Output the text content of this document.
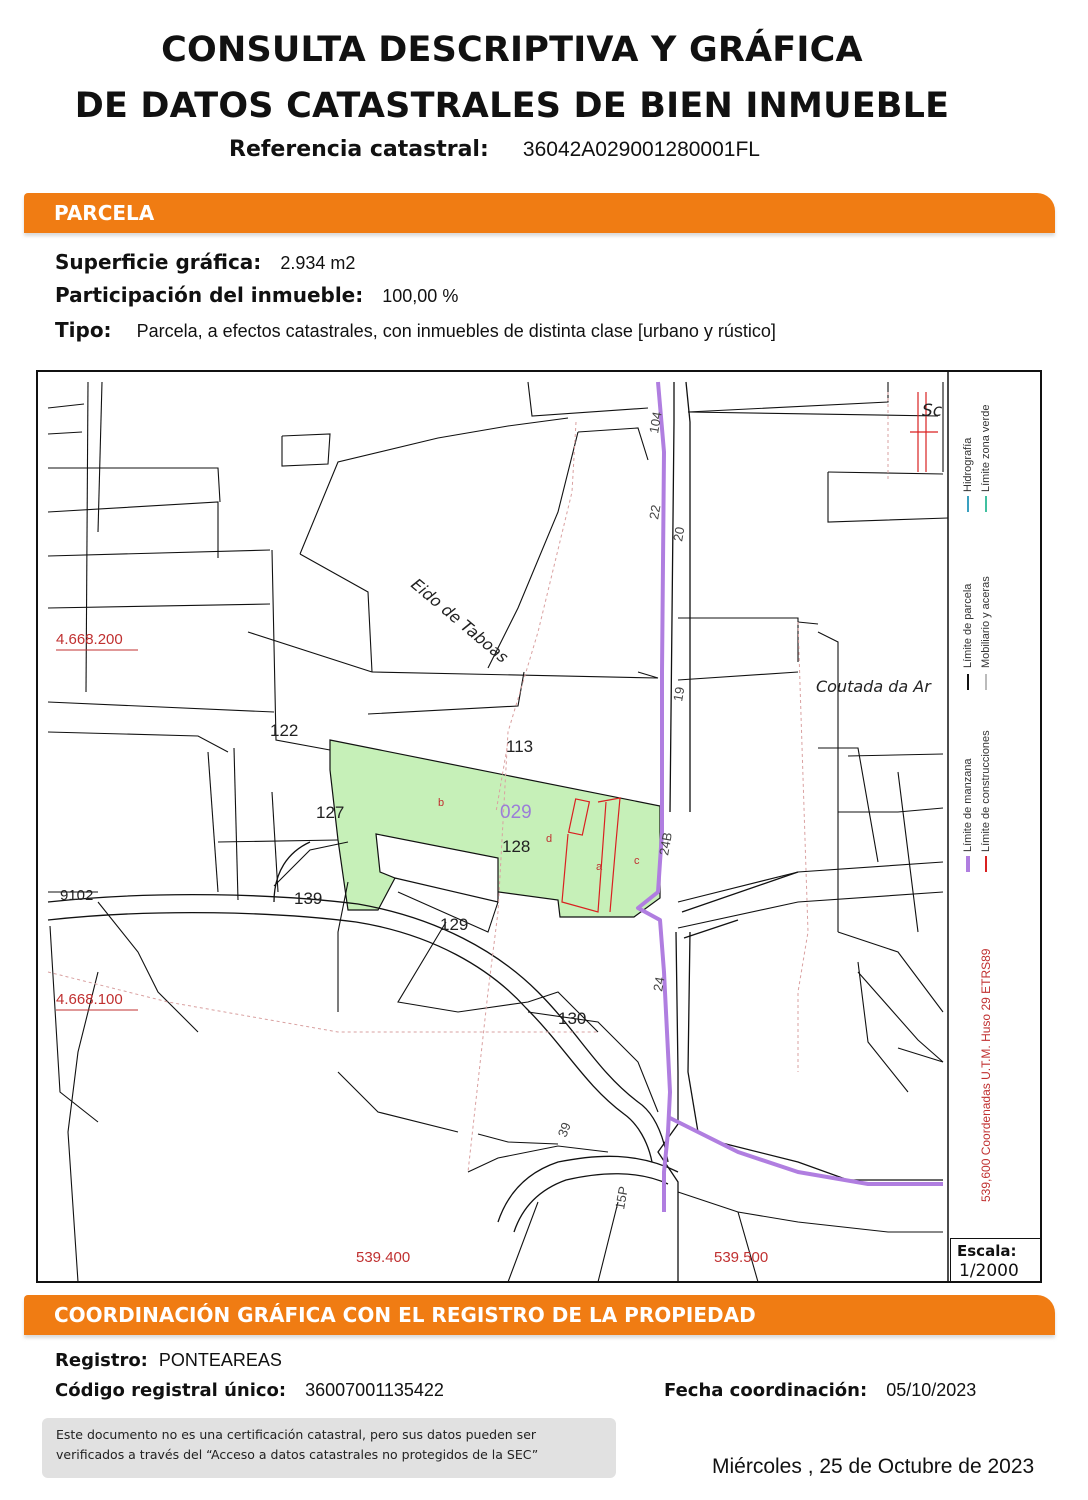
CONSULTA DESCRIPTIVA Y GRÁFICA
DE DATOS CATASTRALES DE BIEN INMUEBLE
Referencia catastral: 36042A029001280001FL
PARCELA
Superficie gráfica: 2.934 m2
Participación del inmueble: 100,00 %
Tipo: Parcela, a efectos catastrales, con inmuebles de distinta clase [urbano y rústico]
Límite de manzana Límite de construcciones
Límite de parcela Mobiliario y aceras
Hidrografía Límite zona verde
539,600 Coordenadas U.T.M. Huso 29 ETRS89
122
113
127
128
139
129
130
029
9102
b
d
a	c
22
20
19
24B
24
39
15P
104
Eido de Taboas
Coutada da Ar
Sc
4.668.200
4.668.100
539.400	539.500	Escala:
1/2000
COORDINACIÓN GRÁFICA CON EL REGISTRO DE LA PROPIEDAD
Registro: PONTEAREAS
Código registral único: 36007001135422	Fecha coordinación: 05/10/2023
Este documento no es una certificación catastral, pero sus datos pueden ser
verificados a través del “Acceso a datos catastrales no protegidos de la SEC”
Miércoles , 25 de Octubre de 2023
